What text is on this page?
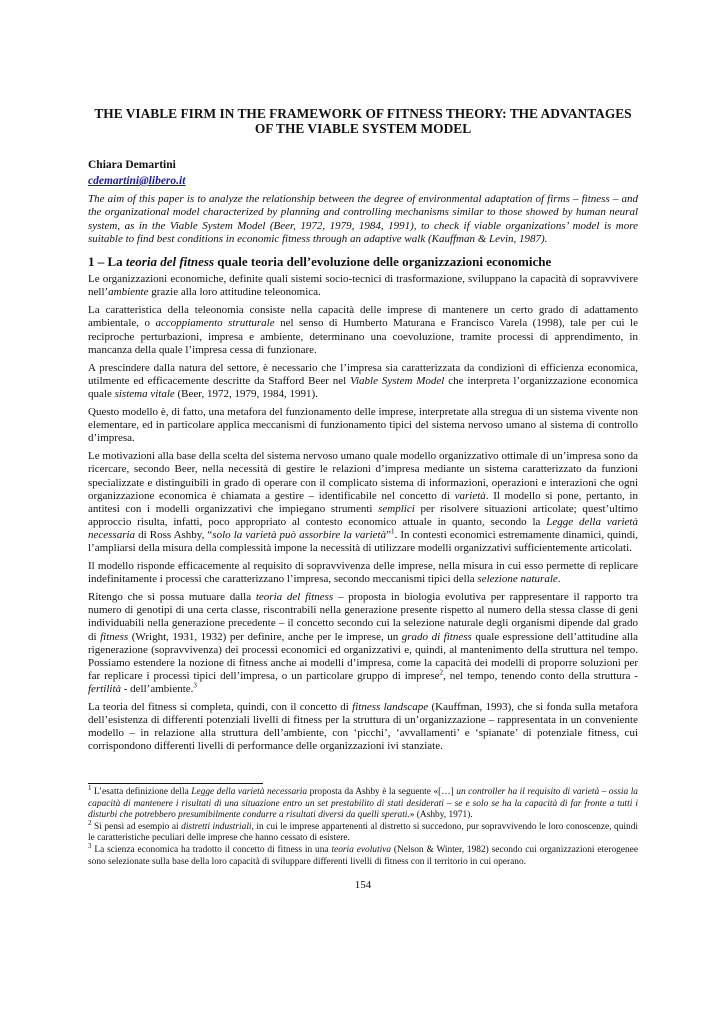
THE VIABLE FIRM IN THE FRAMEWORK OF FITNESS THEORY: THE ADVANTAGES OF THE VIABLE SYSTEM MODEL
Chiara Demartini
cdemartini@libero.it
The aim of this paper is to analyze the relationship between the degree of environmental adaptation of firms – fitness – and the organizational model characterized by planning and controlling mechanisms similar to those showed by human neural system, as in the Viable System Model (Beer, 1972, 1979, 1984, 1991), to check if viable organizations’ model is more suitable to find best conditions in economic fitness through an adaptive walk (Kauffman & Levin, 1987).
1 – La teoria del fitness quale teoria dell’evoluzione delle organizzazioni economiche

Le organizzazioni economiche, definite quali sistemi socio-tecnici di trasformazione, sviluppano la capacità di sopravvivere nell’ambiente grazie alla loro attitudine teleonomica.

La caratteristica della teleonomia consiste nella capacità delle imprese di mantenere un certo grado di adattamento ambientale, o accoppiamento strutturale nel senso di Humberto Maturana e Francisco Varela (1998), tale per cui le reciproche perturbazioni, impresa e ambiente, determinano una coevoluzione, tramite processi di apprendimento, in mancanza della quale l’impresa cessa di funzionare.

A prescindere dalla natura del settore, è necessario che l’impresa sia caratterizzata da condizioni di efficienza economica, utilmente ed efficacemente descritte da Stafford Beer nel Viable System Model che interpreta l’organizzazione economica quale sistema vitale (Beer, 1972, 1979, 1984, 1991).

Questo modello è, di fatto, una metafora del funzionamento delle imprese, interpretate alla stregua di un sistema vivente non elementare, ed in particolare applica meccanismi di funzionamento tipici del sistema nervoso umano al sistema di controllo d’impresa.

Le motivazioni alla base della scelta del sistema nervoso umano quale modello organizzativo ottimale di un’impresa sono da ricercare, secondo Beer, nella necessità di gestire le relazioni d’impresa mediante un sistema caratterizzato da funzioni specializzate e distinguibili in grado di operare con il complicato sistema di informazioni, operazioni e interazioni che ogni organizzazione economica è chiamata a gestire – identificabile nel concetto di varietà. Il modello si pone, pertanto, in antitesi con i modelli organizzativi che impiegano strumenti semplici per risolvere situazioni articolate; quest’ultimo approccio risulta, infatti, poco appropriato al contesto economico attuale in quanto, secondo la Legge della varietà necessaria di Ross Ashby, “solo la varietà può assorbire la varietà”$^1$. In contesti economici estremamente dinamici, quindi, l’ampliarsi della misura della complessità impone la necessità di utilizzare modelli organizzativi sufficientemente articolati.

Il modello risponde efficacemente al requisito di sopravvivenza delle imprese, nella misura in cui esso permette di replicare indefinitamente i processi che caratterizzano l’impresa, secondo meccanismi tipici della selezione naturale.

Ritengo che si possa mutuare dalla teoria del fitness – proposta in biologia evolutiva per rappresentare il rapporto tra numero di genotipi di una certa classe, riscontrabili nella generazione presente rispetto al numero della stessa classe di geni individuabili nella generazione precedente – il concetto secondo cui la selezione naturale degli organismi dipende dal grado di fitness (Wright, 1931, 1932) per definire, anche per le imprese, un grado di fitness quale espressione dell’attitudine alla rigenerazione (sopravvivenza) dei processi economici ed organizzativi e, quindi, al mantenimento della struttura nel tempo. Possiamo estendere la nozione di fitness anche ai modelli d’impresa, come la capacità dei modelli di proporre soluzioni per far replicare i processi tipici dell’impresa, o un particolare gruppo di imprese$^2$, nel tempo, tenendo conto della struttura - fertilità - dell’ambiente.$^3$

La teoria del fitness si completa, quindi, con il concetto di fitness landscape (Kauffman, 1993), che si fonda sulla metafora dell’esistenza di differenti potenziali livelli di fitness per la struttura di un’organizzazione – rappresentata in un conveniente modello – in relazione alla struttura dell’ambiente, con ‘picchi’, ‘avvallamenti’ e ‘spianate’ di potenziale fitness, cui corrispondono differenti livelli di performance delle organizzazioni ivi stanziate.

$^1$ L’esatta definizione della Legge della varietà necessaria proposta da Ashby è la seguente «[…] un controller ha il requisito di varietà – ossia la capacità di mantenere i risultati di una situazione entro un set prestabilito di stati desiderati – se e solo se ha la capacità di far fronte a tutti i disturbi che potrebbero presumibilmente condurre a risultati diversi da quelli sperati.» (Ashby, 1971).

$^2$ Si pensi ad esempio ai distretti industriali, in cui le imprese appartenenti al distretto si succedono, pur sopravvivendo le loro conoscenze, quindi le caratteristiche peculiari delle imprese che hanno cessato di esistere.

$^3$ La scienza economica ha tradotto il concetto di fitness in una teoria evolutiva (Nelson & Winter, 1982) secondo cui organizzazioni eterogenee sono selezionate sulla base della loro capacità di sviluppare differenti livelli di fitness con il territorio in cui operano.

154
